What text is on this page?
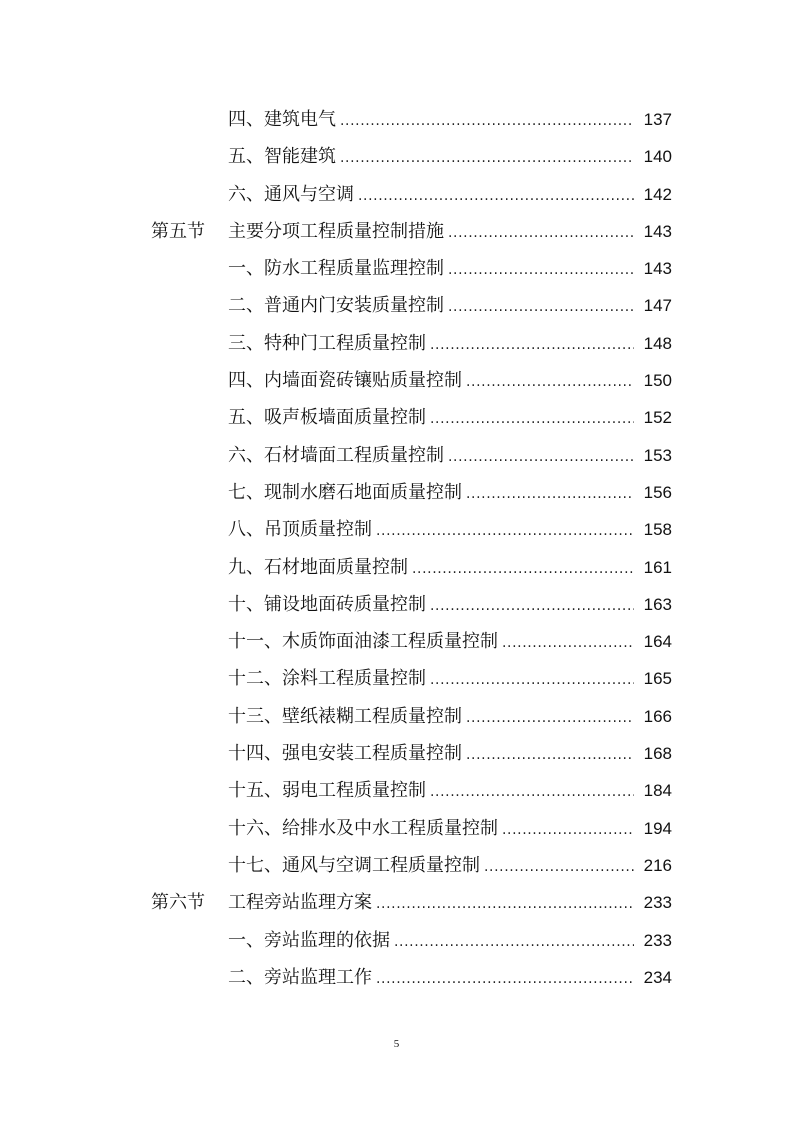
四、建筑电气 .....	137
五、智能建筑 .....	140
六、通风与空调 .....	142
第五节	主要分项工程质量控制措施 .....	143
一、防水工程质量监理控制 .....	143
二、普通内门安装质量控制 .....	147
三、特种门工程质量控制 .....	148
四、内墙面瓷砖镶贴质量控制 .....	150
五、吸声板墙面质量控制 .....	152
六、石材墙面工程质量控制 .....	153
七、现制水磨石地面质量控制 .....	156
八、吊顶质量控制 .....	158
九、石材地面质量控制 .....	161
十、铺设地面砖质量控制 .....	163
十一、木质饰面油漆工程质量控制 .....	164
十二、涂料工程质量控制 .....	165
十三、壁纸裱糊工程质量控制 .....	166
十四、强电安装工程质量控制 .....	168
十五、弱电工程质量控制 .....	184
十六、给排水及中水工程质量控制 .....	194
十七、通风与空调工程质量控制 .....	216
第六节	工程旁站监理方案 .....	233
一、旁站监理的依据 .....	233
二、旁站监理工作 .....	234
5
